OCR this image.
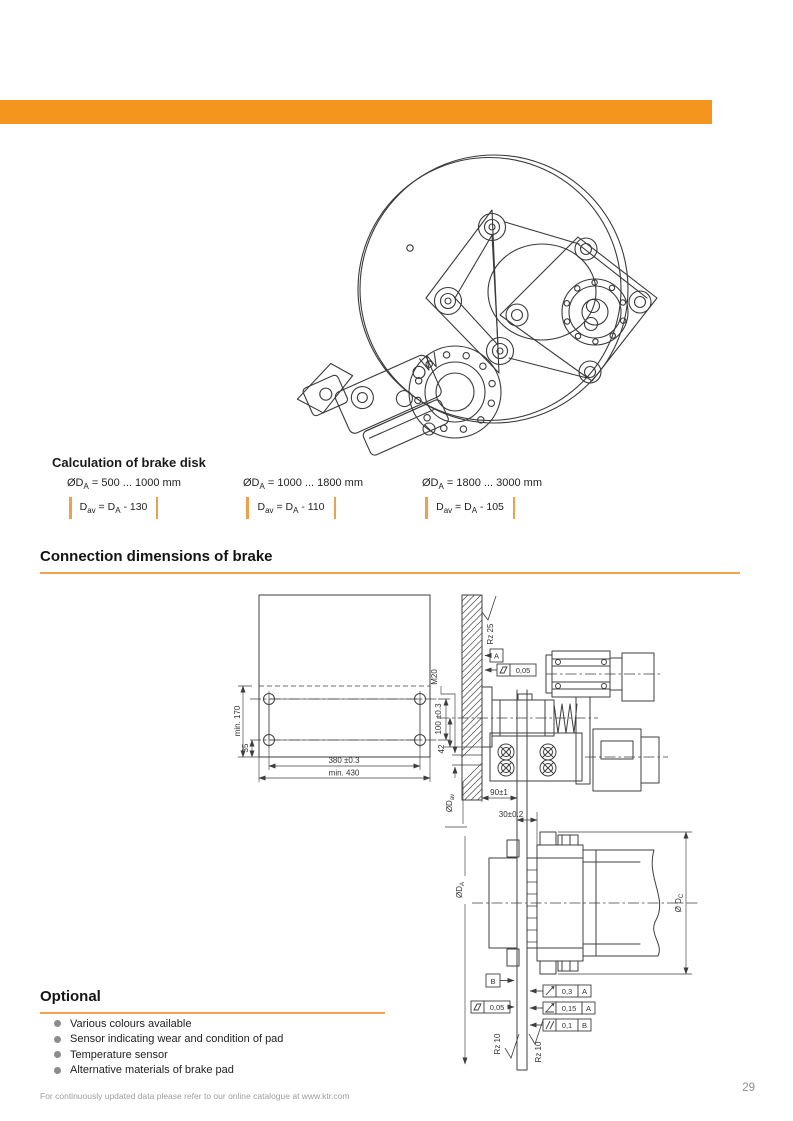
Calculation of brake disk
$ØD_A = 500$ ... 1000 mm	$ØD_A = 1000$ ... 1800 mm	$ØD_A = 1800$ ... 3000 mm
$D_{av} = D_A - 130$	$D_{av} = D_A - 110$	$D_{av} = D_A - 105$
Connection dimensions of brake
min. 170
35
100 ±0.3
380 ±0.3
min. 430
M20
42
Rz 25
90±1
30±0.2
Rz 10	Rz 10
$ØD_{av}$
$ØD_A$
Ø $D_C$
A
B
0,05
0,3 A
0,15 A
0,1 B
0,05
Optional
Various colours available
Sensor indicating wear and condition of pad
Temperature sensor
Alternative materials of brake pad
For continuously updated data please refer to our online catalogue at www.ktr.com
29
